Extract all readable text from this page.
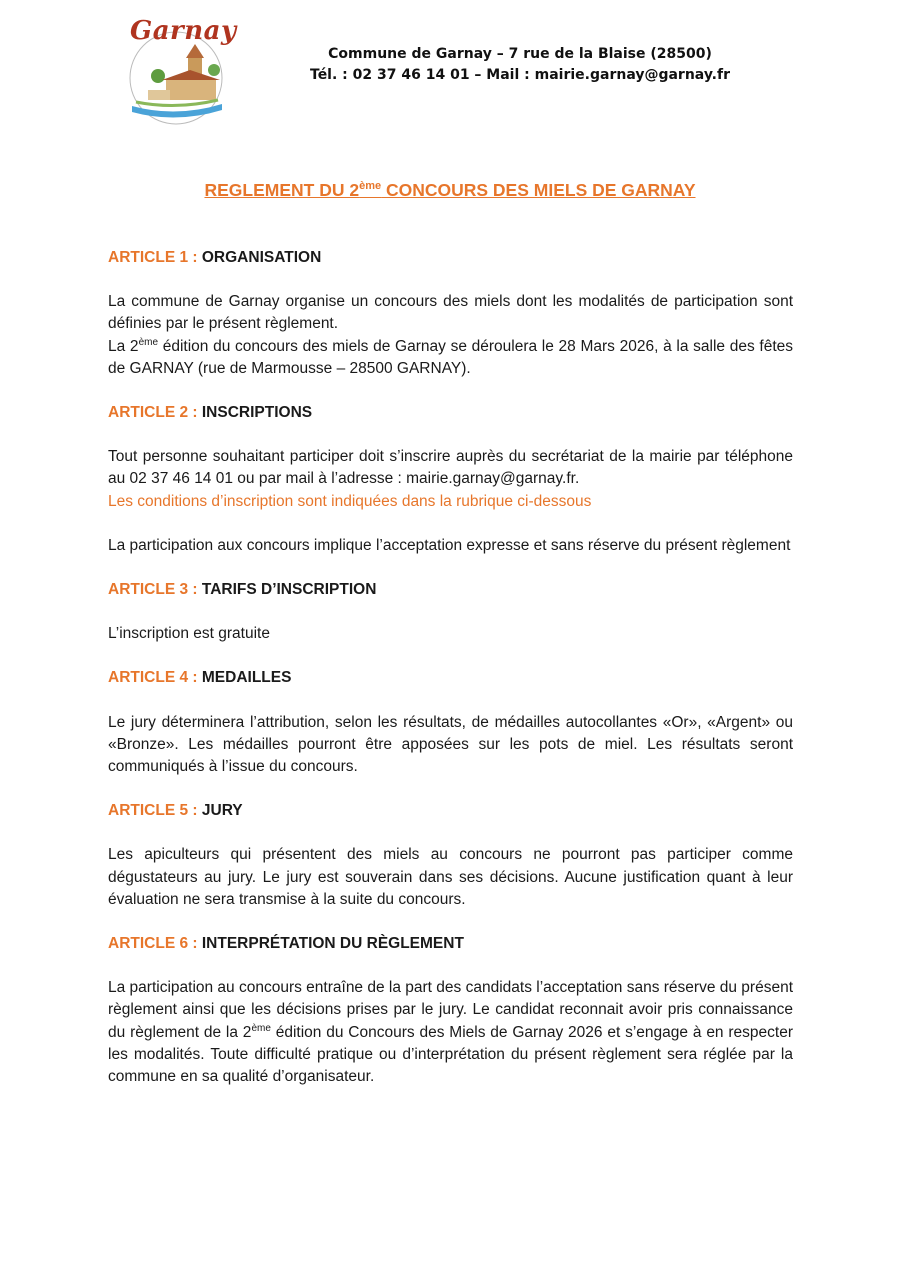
Garnay
Commune de Garnay – 7 rue de la Blaise (28500)
Tél. : 02 37 46 14 01 – Mail : mairie.garnay@garnay.fr
REGLEMENT DU 2ème CONCOURS DES MIELS DE GARNAY
ARTICLE 1 : ORGANISATION
La commune de Garnay organise un concours des miels dont les modalités de participation sont définies par le présent règlement.
La 2ème édition du concours des miels de Garnay se déroulera le 28 Mars 2026, à la salle des fêtes de GARNAY (rue de Marmousse – 28500 GARNAY).
ARTICLE 2 : INSCRIPTIONS
Tout personne souhaitant participer doit s’inscrire auprès du secrétariat de la mairie par téléphone au 02 37 46 14 01 ou par mail à l’adresse : mairie.garnay@garnay.fr.
Les conditions d’inscription sont indiquées dans la rubrique ci-dessous
La participation aux concours implique l’acceptation expresse et sans réserve du présent règlement
ARTICLE 3 : TARIFS D’INSCRIPTION
L’inscription est gratuite
ARTICLE 4 : MEDAILLES
Le jury déterminera l’attribution, selon les résultats, de médailles autocollantes «Or», «Argent» ou «Bronze». Les médailles pourront être apposées sur les pots de miel. Les résultats seront communiqués à l’issue du concours.
ARTICLE 5 : JURY
Les apiculteurs qui présentent des miels au concours ne pourront pas participer comme dégustateurs au jury. Le jury est souverain dans ses décisions. Aucune justification quant à leur évaluation ne sera transmise à la suite du concours.
ARTICLE 6 : INTERPRÉTATION DU RÈGLEMENT
La participation au concours entraîne de la part des candidats l’acceptation sans réserve du présent règlement ainsi que les décisions prises par le jury. Le candidat reconnait avoir pris connaissance du règlement de la 2ème édition du Concours des Miels de Garnay 2026 et s’engage à en respecter les modalités. Toute difficulté pratique ou d’interprétation du présent règlement sera réglée par la commune en sa qualité d’organisateur.
